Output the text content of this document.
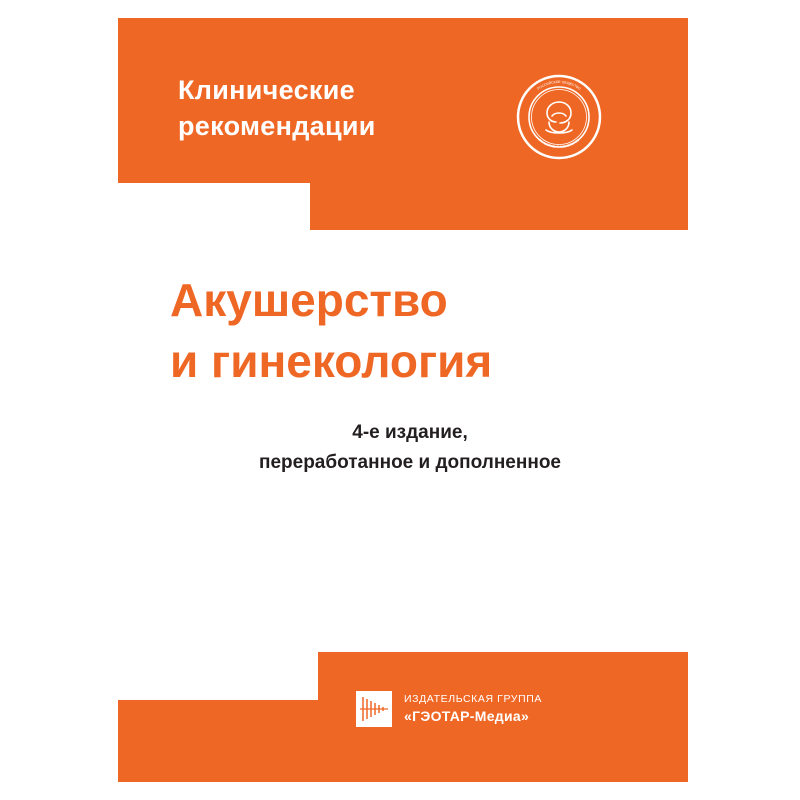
Клинические
рекомендации
РОССИЙСКОЕ ОБЩЕСТВО
АКУШЕРОВ-ГИНЕКОЛОГОВ
Акушерство
и гинекология
4-е издание,
переработанное и дополненное
ИЗДАТЕЛЬСКАЯ ГРУППА
«ГЭОТАР-Медиа»
